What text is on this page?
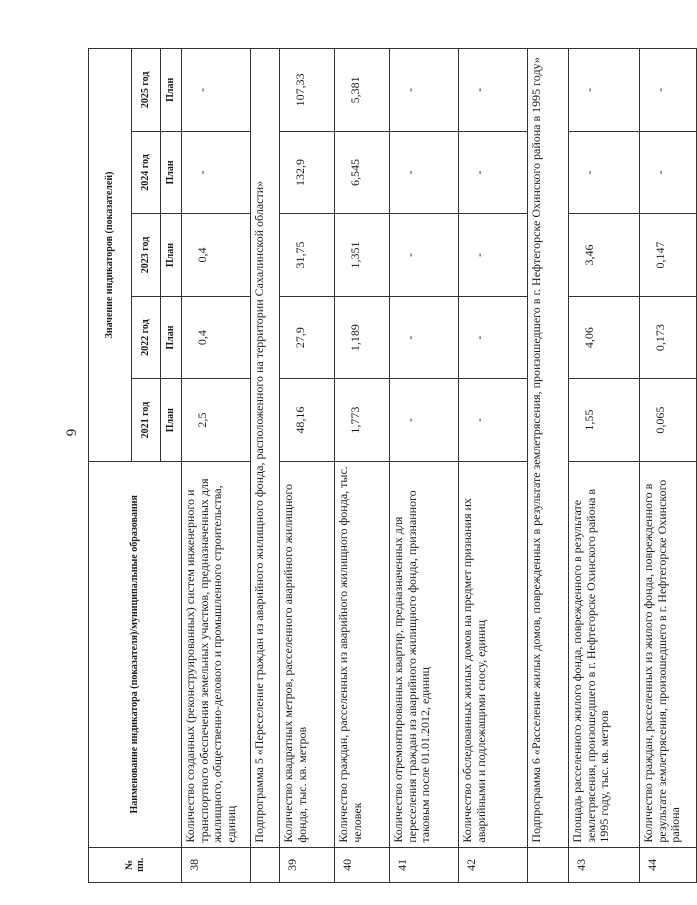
6
№ пп.	Наименование индикатора (показателя)/муниципальные образования	Значение индикаторов (показателей)				
		2021 год	2022 год	2023 год	2024 год	2025 год
		План	План	План	План	План
38	Количество созданных (реконструированных) систем инженерного и транспортного обеспечения земельных участков, предназначенных для жилищного, общественно-делового и промышленного строительства, единиц	2,5	0,4	0,4	-	-
	Подпрограмма 5 «Переселение граждан из аварийного жилищного фонда, расположенного на территории Сахалинской области»					
39	Количество квадратных метров, расселенного аварийного жилищного фонда, тыс. кв. метров	48,16	27,9	31,75	132,9	107,33
40	Количество граждан, расселенных из аварийного жилищного фонда, тыс. человек	1,773	1,189	1,351	6,545	5,381
41	Количество отремонтированных квартир, предназначенных для переселения граждан из аварийного жилищного фонда, признанного таковым после 01.01.2012, единиц	-	-	-	-	-
42	Количество обследованных жилых домов на предмет признания их аварийными и подлежащими сносу, единиц	-	-	-	-	-
	Подпрограмма 6 «Расселение жилых домов, поврежденных в результате землетрясения, произошедшего в г. Нефтегорске Охинского района в 1995 году»					
43	Площадь расселенного жилого фонда, поврежденного в результате землетрясения, произошедшего в г. Нефтегорске Охинского района в 1995 году, тыс. кв. метров	1,55	4,06	3,46	-	-
44	Количество граждан, расселенных из жилого фонда, поврежденного в результате землетрясения, произошедшего в г. Нефтегорске Охинского района	0,065	0,173	0,147	-	-
